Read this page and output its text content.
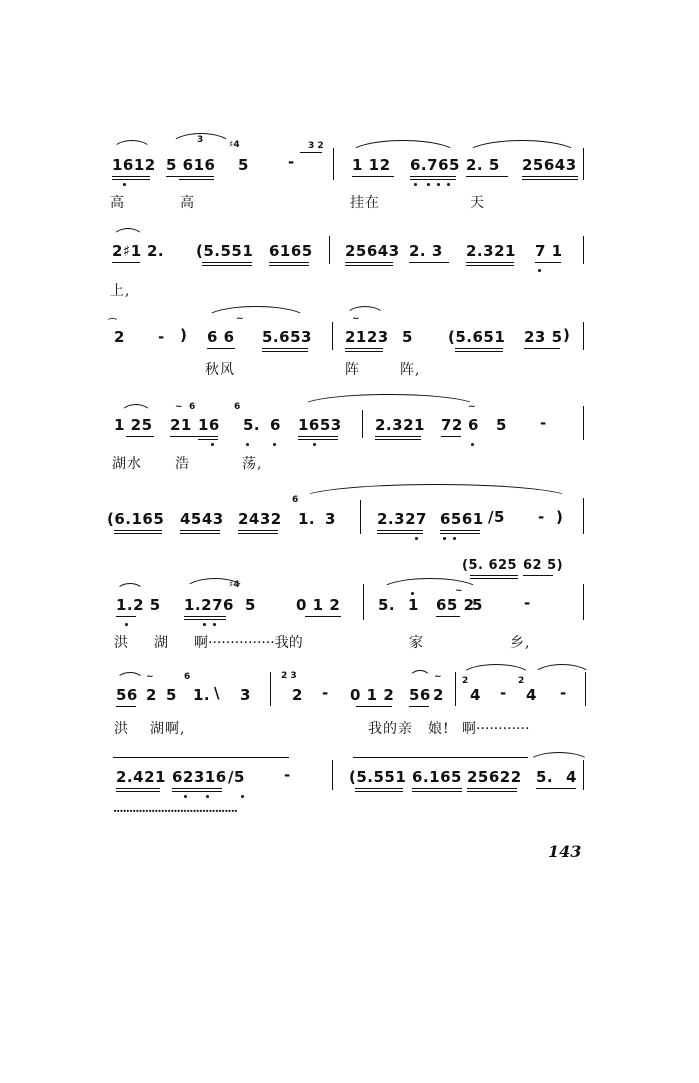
3	♯4	3 2
1612 5 616 5	-	1 12 6.765 2. 5 25643
高	高	挂在	天
2♯1 2. (5.551 6165 25643 2. 3 2.321 7 1
上,
⌒	~	~
2 - ) 6 6 5.653 2123 5 (5.651 23 5 )
秋风	阵	阵,
~ 6	6	~
1 25 21 16 5. 6 1653 2.321 72 6 5 -
湖水 浩	荡,
6
(6.165 4543 2432 1. 3	2.327 6561 /5 - )
(5. 625 62 5)
♯4
~
1.2 5 1.276 5	0 1 2	5. 1 65 2
5	-
洪 湖 啊···············我的	家	乡,
~	~
6	2 3	2	2
56 2 5 1. \ 3	2 - 0 1 2 56 2 4 - 4 -
洪 湖啊,	我的亲 娘! 啊············
2.421 62316 /5	-	(5.551 6.165 25622 5. 4
·······································
143
